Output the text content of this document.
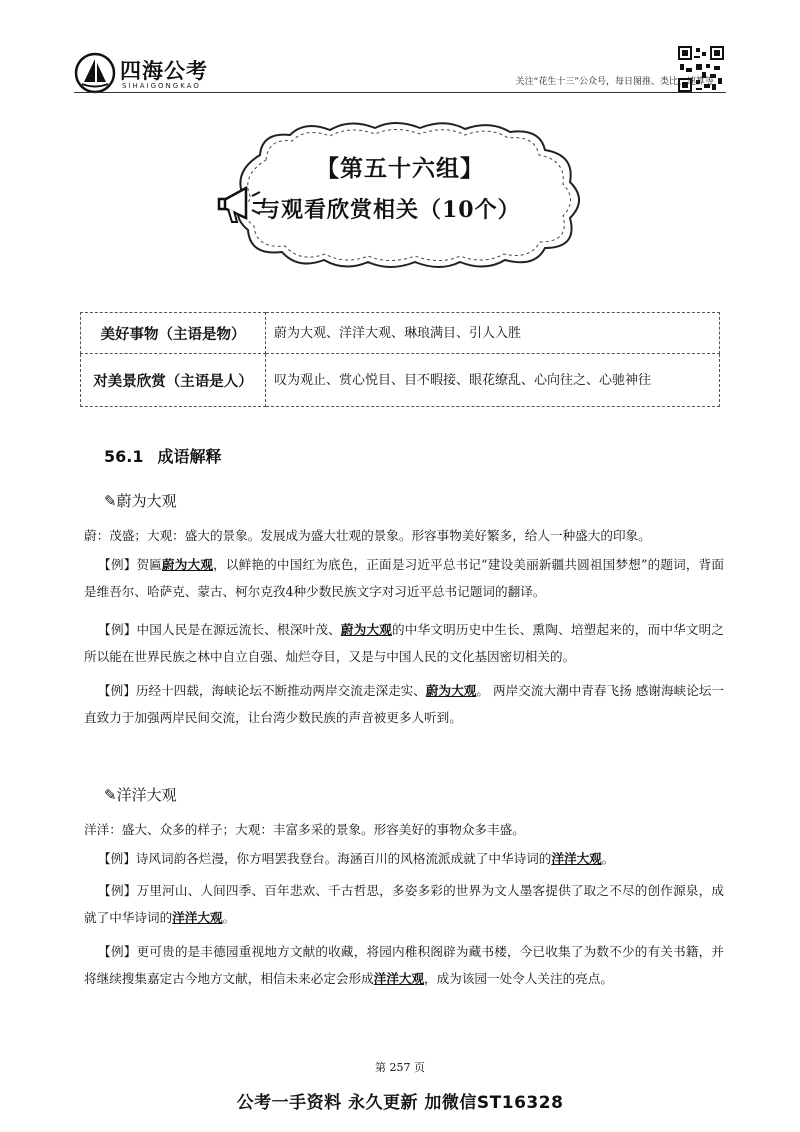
四海公考
SIHAIGONGKAO	关注“花生十三”公众号，每日图推、类比、速算等
【第五十六组】
与观看欣赏相关（10个）
美好事物（主语是物）	蔚为大观、洋洋大观、琳琅满目、引人入胜
对美景欣赏（主语是人）	叹为观止、赏心悦目、目不暇接、眼花缭乱、心向往之、心驰神往
56.1 成语解释
✎蔚为大观
蔚：茂盛；大观：盛大的景象。发展成为盛大壮观的景象。形容事物美好繁多，给人一种盛大的印象。
【例】贺匾蔚为大观，以鲜艳的中国红为底色，正面是习近平总书记“建设美丽新疆共圆祖国梦想”的题词，背面是维吾尔、哈萨克、蒙古、柯尔克孜4种少数民族文字对习近平总书记题词的翻译。
【例】中国人民是在源远流长、根深叶茂、蔚为大观的中华文明历史中生长、熏陶、培塑起来的，而中华文明之所以能在世界民族之林中自立自强、灿烂夺目，又是与中国人民的文化基因密切相关的。
【例】历经十四载，海峡论坛不断推动两岸交流走深走实、蔚为大观。 两岸交流大潮中青春飞扬 感谢海峡论坛一直致力于加强两岸民间交流，让台湾少数民族的声音被更多人听到。
✎洋洋大观
洋洋：盛大、众多的样子；大观：丰富多采的景象。形容美好的事物众多丰盛。
【例】诗风词韵各烂漫，你方唱罢我登台。海涵百川的风格流派成就了中华诗词的洋洋大观。
【例】万里河山、人间四季、百年悲欢、千古哲思，多姿多彩的世界为文人墨客提供了取之不尽的创作源泉，成就了中华诗词的洋洋大观。
【例】更可贵的是丰德园重视地方文献的收藏，将园内稚积阁辟为藏书楼，今已收集了为数不少的有关书籍，并将继续搜集嘉定古今地方文献，相信未来必定会形成洋洋大观，成为该园一处令人关注的亮点。
第 257 页
公考一手资料 永久更新 加微信ST16328
